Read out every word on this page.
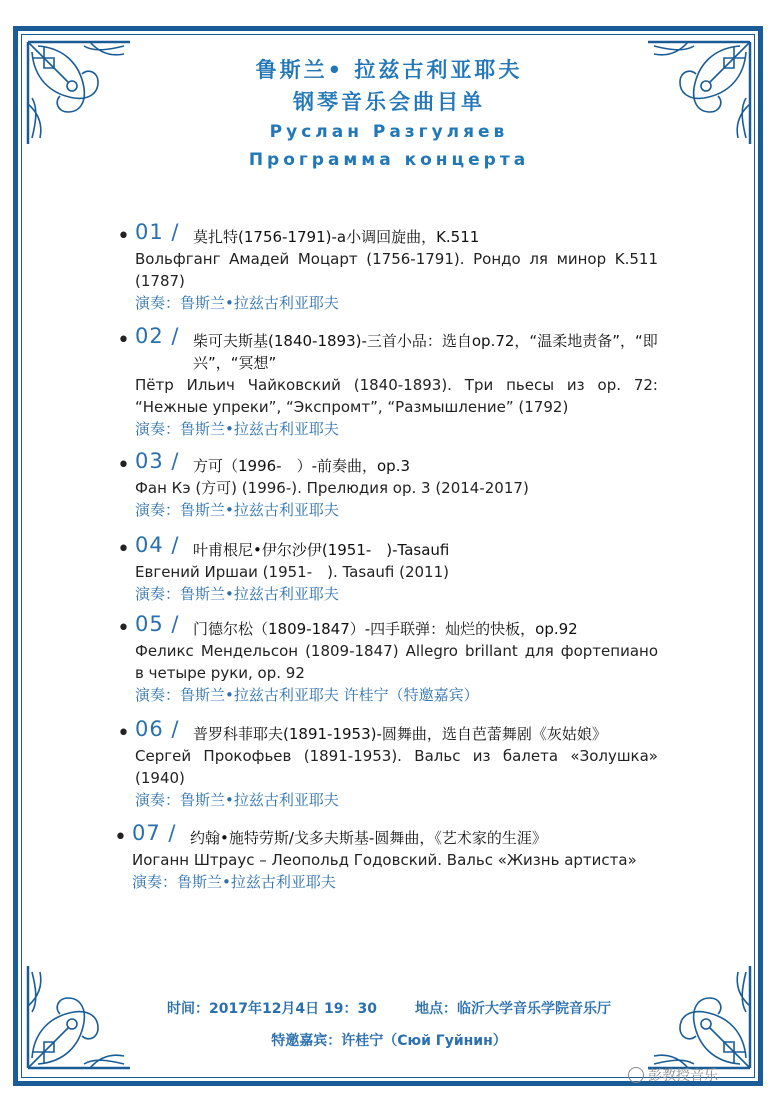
鲁斯兰• 拉兹古利亚耶夫
钢琴音乐会曲目单
Руслан Разгуляев
Программа концерта
• 01 / 莫扎特(1756-1791)-a小调回旋曲，K.511
Вольфганг Амадей Моцарт (1756-1791). Рондо ля минор K.511 (1787)
演奏：鲁斯兰•拉兹古利亚耶夫
• 02 / 柴可夫斯基(1840-1893)-三首小品：选自op.72，“温柔地责备”，“即兴”，“冥想”
Пётр Ильич Чайковский (1840-1893). Три пьесы из ор. 72: “Нежные упреки”, “Экспромт”, “Размышление” (1792)
演奏：鲁斯兰•拉兹古利亚耶夫
• 03 / 方可（1996-　）-前奏曲，op.3
Фан Кэ (方可) (1996-). Прелюдия ор. 3 (2014-2017)
演奏：鲁斯兰•拉兹古利亚耶夫
• 04 / 叶甫根尼•伊尔沙伊(1951-　)-Tasaufi
Евгений Иршаи (1951-　). Tasaufi (2011)
演奏：鲁斯兰•拉兹古利亚耶夫
• 05 / 门德尔松（1809-1847）-四手联弹：灿烂的快板，op.92
Феликс Мендельсон (1809-1847) Allegro brillant для фортепиано в четыре руки, ор. 92
演奏：鲁斯兰•拉兹古利亚耶夫 许桂宁（特邀嘉宾）
• 06 / 普罗科菲耶夫(1891-1953)-圆舞曲，选自芭蕾舞剧《灰姑娘》
Сергей Прокофьев (1891-1953). Вальс из балета «Золушка» (1940)
演奏：鲁斯兰•拉兹古利亚耶夫
• 07 / 约翰•施特劳斯/戈多夫斯基-圆舞曲，《艺术家的生涯》
Иоганн Штраус – Леопольд Годовский. Вальс «Жизнь артиста»
演奏：鲁斯兰•拉兹古利亚耶夫
时间：2017年12月4日 19：30	地点：临沂大学音乐学院音乐厅
特邀嘉宾：许桂宁（Сюй Гуйнин）
彭教授音乐
